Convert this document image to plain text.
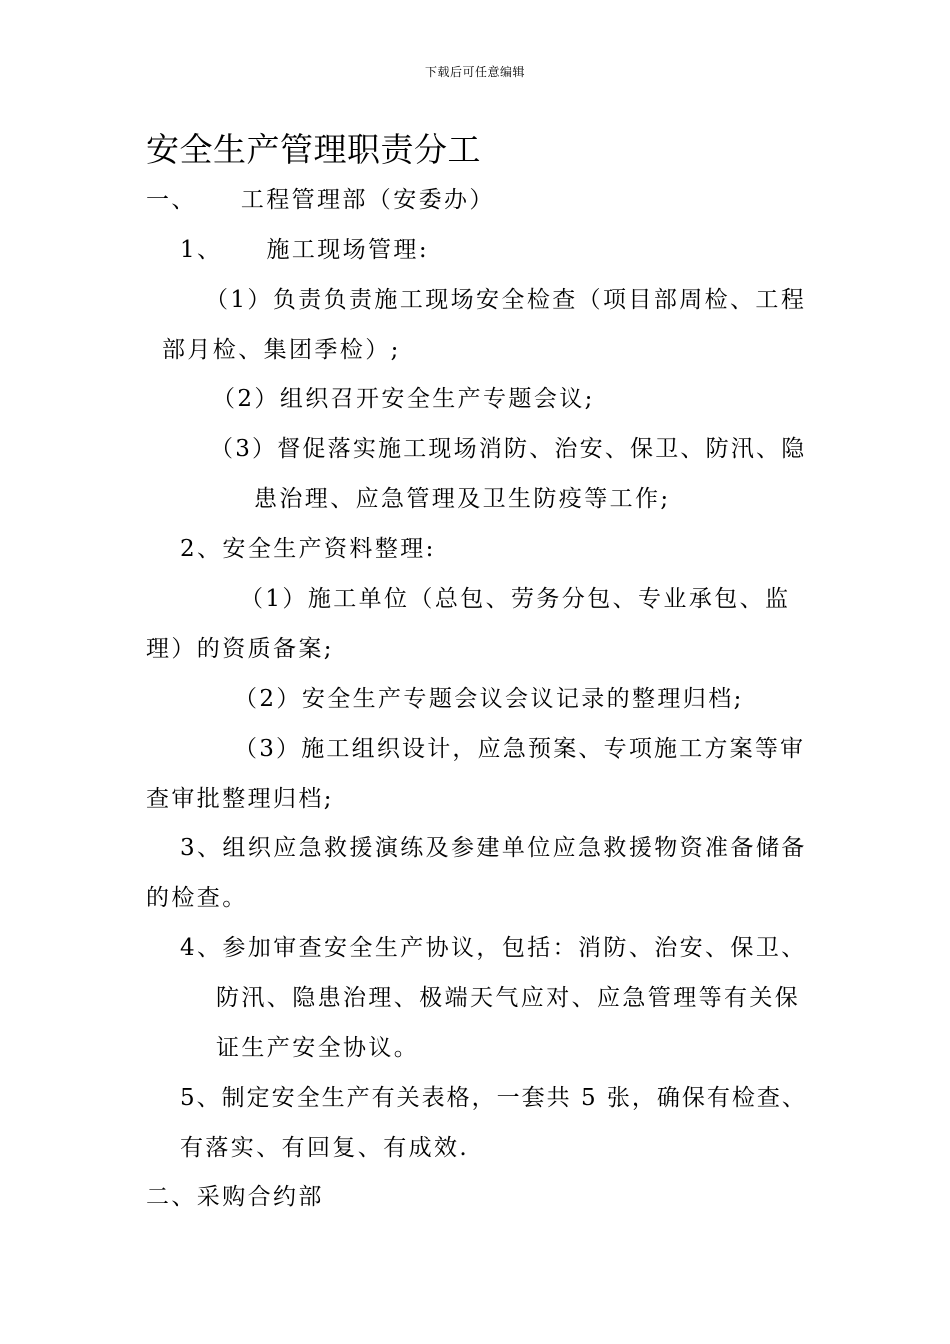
下载后可任意编辑
安全生产管理职责分工
一、 工程管理部（安委办）
1、 施工现场管理:
（1）负责负责施工现场安全检查（项目部周检、工程
部月检、集团季检）;
（2）组织召开安全生产专题会议;
（3）督促落实施工现场消防、治安、保卫、防汛、隐
患治理、应急管理及卫生防疫等工作;
2、安全生产资料整理:
（1）施工单位（总包、劳务分包、专业承包、监
理）的资质备案;
（2）安全生产专题会议会议记录的整理归档;
（3）施工组织设计，应急预案、专项施工方案等审
查审批整理归档;
3、组织应急救援演练及参建单位应急救援物资准备储备
的检查。
4、参加审查安全生产协议，包括：消防、治安、保卫、
防汛、隐患治理、极端天气应对、应急管理等有关保
证生产安全协议。
5、制定安全生产有关表格，一套共 5 张，确保有检查、
有落实、有回复、有成效.
二、采购合约部
